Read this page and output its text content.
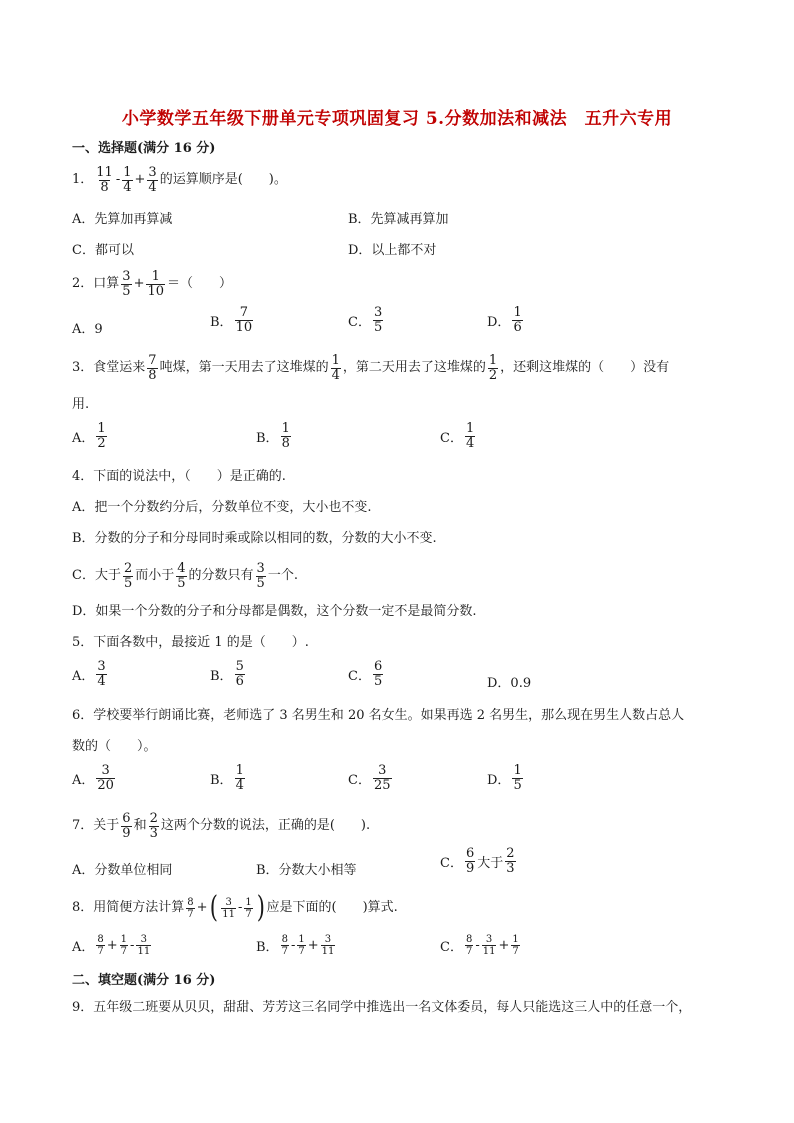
小学数学五年级下册单元专项巩固复习 5.分数加法和减法　五升六专用
一、选择题(满分 16 分)
1． $\frac{11}{8} - \frac{1}{4} + \frac{3}{4}$ 的运算顺序是(　　)。
A．先算加再算减	B．先算减再算加
C．都可以	D．以上都不对
2．口算 $\frac{3}{5} + \frac{1}{10}$ ＝（　　）
A．9	B． $\frac{7}{10}$	C． $\frac{3}{5}$	D． $\frac{1}{6}$
3．食堂运来 $\frac{7}{8}$ 吨煤，第一天用去了这堆煤的 $\frac{1}{4}$ ，第二天用去了这堆煤的 $\frac{1}{2}$ ，还剩这堆煤的（　　）没有
用.
A． $\frac{1}{2}$	B． $\frac{1}{8}$	C． $\frac{1}{4}$
4．下面的说法中，（　　）是正确的.
A．把一个分数约分后，分数单位不变，大小也不变.
B．分数的分子和分母同时乘或除以相同的数，分数的大小不变.
C．大于 $\frac{2}{5}$ 而小于 $\frac{4}{5}$ 的分数只有 $\frac{3}{5}$ 一个.
D．如果一个分数的分子和分母都是偶数，这个分数一定不是最简分数.
5．下面各数中，最接近 1 的是（　　）.
A． $\frac{3}{4}$	B． $\frac{5}{6}$	C． $\frac{6}{5}$	D．0.9
6．学校要举行朗诵比赛，老师选了 3 名男生和 20 名女生。如果再选 2 名男生，那么现在男生人数占总人
数的（　　）。
A． $\frac{3}{20}$	B． $\frac{1}{4}$	C． $\frac{3}{25}$	D． $\frac{1}{5}$
7．关于 $\frac{6}{9}$ 和 $\frac{2}{3}$ 这两个分数的说法，正确的是(　　).
A．分数单位相同	B．分数大小相等	C． $\frac{6}{9}$ 大于 $\frac{2}{3}$
8．用简便方法计算 $\frac{8}{7}$ + ( $\frac{3}{11} - \frac{1}{7}$ ) 应是下面的(　　)算式.
A． $\frac{8}{7} + \frac{1}{7} - \frac{3}{11}$	B． $\frac{8}{7} - \frac{1}{7} + \frac{3}{11}$	C． $\frac{8}{7} - \frac{3}{11} + \frac{1}{7}$
二、填空题(满分 16 分)
9．五年级二班要从贝贝，甜甜、芳芳这三名同学中推选出一名文体委员，每人只能选这三人中的任意一个，
